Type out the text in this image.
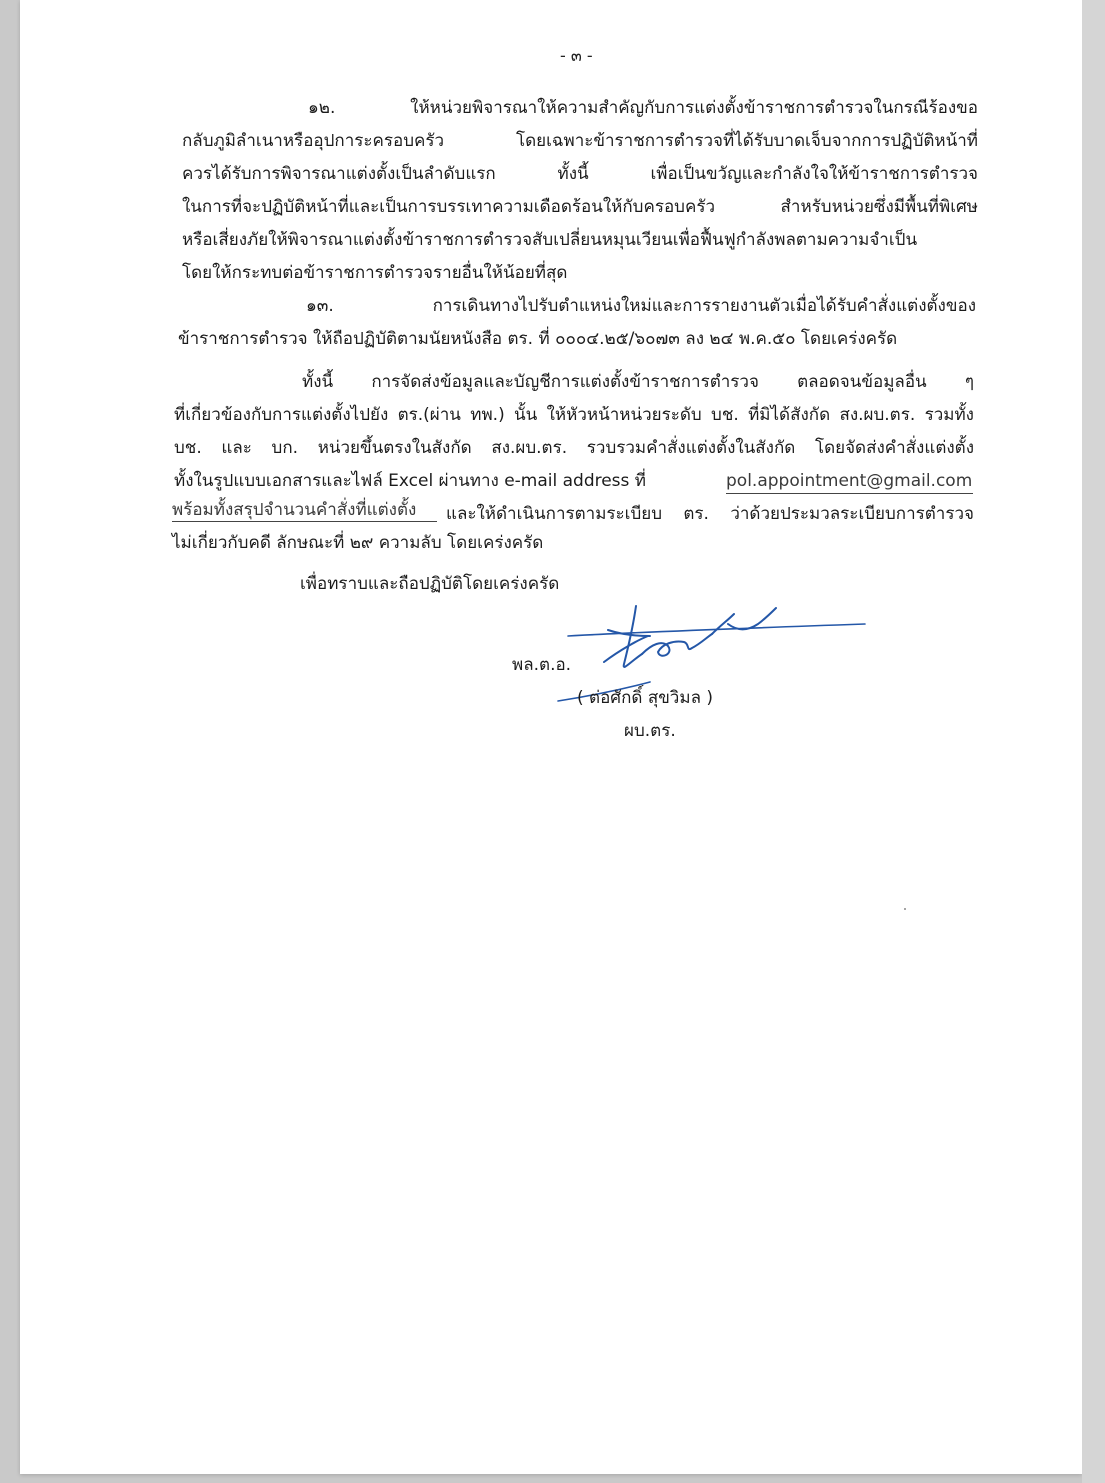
- ๓ -
๑๒. ให้หน่วยพิจารณาให้ความสำคัญกับการแต่งตั้งข้าราชการตำรวจในกรณีร้องขอ
กลับภูมิลำเนาหรืออุปการะครอบครัว โดยเฉพาะข้าราชการตำรวจที่ได้รับบาดเจ็บจากการปฏิบัติหน้าที่
ควรได้รับการพิจารณาแต่งตั้งเป็นลำดับแรก ทั้งนี้ เพื่อเป็นขวัญและกำลังใจให้ข้าราชการตำรวจ
ในการที่จะปฏิบัติหน้าที่และเป็นการบรรเทาความเดือดร้อนให้กับครอบครัว สำหรับหน่วยซึ่งมีพื้นที่พิเศษ
หรือเสี่ยงภัยให้พิจารณาแต่งตั้งข้าราชการตำรวจสับเปลี่ยนหมุนเวียนเพื่อฟื้นฟูกำลังพลตามความจำเป็น
โดยให้กระทบต่อข้าราชการตำรวจรายอื่นให้น้อยที่สุด
๑๓. การเดินทางไปรับตำแหน่งใหม่และการรายงานตัวเมื่อได้รับคำสั่งแต่งตั้งของ
ข้าราชการตำรวจ ให้ถือปฏิบัติตามนัยหนังสือ ตร. ที่ ๐๐๐๔.๒๕/๖๐๗๓ ลง ๒๔ พ.ค.๕๐ โดยเคร่งครัด
ทั้งนี้ การจัดส่งข้อมูลและบัญชีการแต่งตั้งข้าราชการตำรวจ ตลอดจนข้อมูลอื่น ๆ
ที่เกี่ยวข้องกับการแต่งตั้งไปยัง ตร.(ผ่าน ทพ.) นั้น ให้หัวหน้าหน่วยระดับ บช. ที่มิได้สังกัด สง.ผบ.ตร. รวมทั้ง
บช. และ บก. หน่วยขึ้นตรงในสังกัด สง.ผบ.ตร. รวบรวมคำสั่งแต่งตั้งในสังกัด โดยจัดส่งคำสั่งแต่งตั้ง
ทั้งในรูปแบบเอกสารและไฟล์ Excel ผ่านทาง e-mail address ที่	pol.appointment@gmail.com
พร้อมทั้งสรุปจำนวนคำสั่งที่แต่งตั้ง และให้ดำเนินการตามระเบียบ ตร. ว่าด้วยประมวลระเบียบการตำรวจ
ไม่เกี่ยวกับคดี ลักษณะที่ ๒๙ ความลับ โดยเคร่งครัด
เพื่อทราบและถือปฏิบัติโดยเคร่งครัด
พล.ต.อ.
( ต่อศักดิ์ สุขวิมล )
ผบ.ตร.
